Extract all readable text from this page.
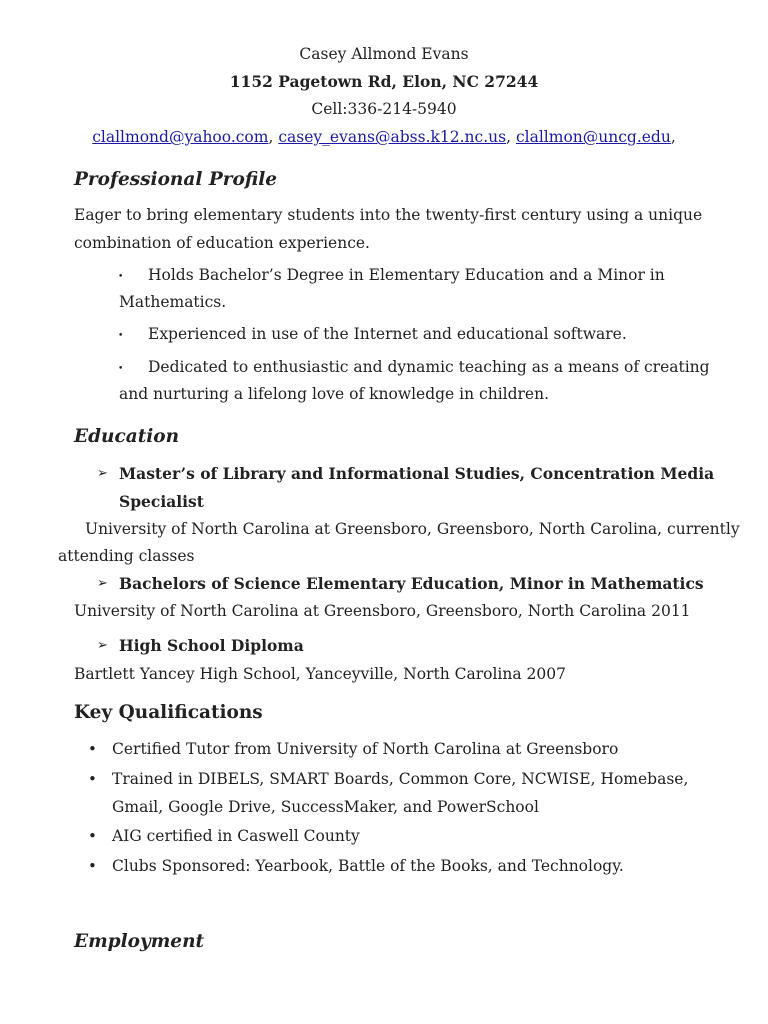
Casey Allmond Evans
1152 Pagetown Rd, Elon, NC 27244
Cell:336-214-5940
clallmond@yahoo.com, casey_evans@abss.k12.nc.us, clallmon@uncg.edu,
Professional Profile
Eager to bring elementary students into the twenty-first century using a unique
combination of education experience.
• Holds Bachelor’s Degree in Elementary Education and a Minor in
Mathematics.
• Experienced in use of the Internet and educational software.
• Dedicated to enthusiastic and dynamic teaching as a means of creating
and nurturing a lifelong love of knowledge in children.
Education
➢ Master’s of Library and Informational Studies, Concentration Media
Specialist
University of North Carolina at Greensboro, Greensboro, North Carolina, currently
attending classes
➢ Bachelors of Science Elementary Education, Minor in Mathematics
University of North Carolina at Greensboro, Greensboro, North Carolina 2011
➢ High School Diploma
Bartlett Yancey High School, Yanceyville, North Carolina 2007
Key Qualifications
• Certified Tutor from University of North Carolina at Greensboro
• Trained in DIBELS, SMART Boards, Common Core, NCWISE, Homebase,
Gmail, Google Drive, SuccessMaker, and PowerSchool
• AIG certified in Caswell County
• Clubs Sponsored: Yearbook, Battle of the Books, and Technology.
Employment
